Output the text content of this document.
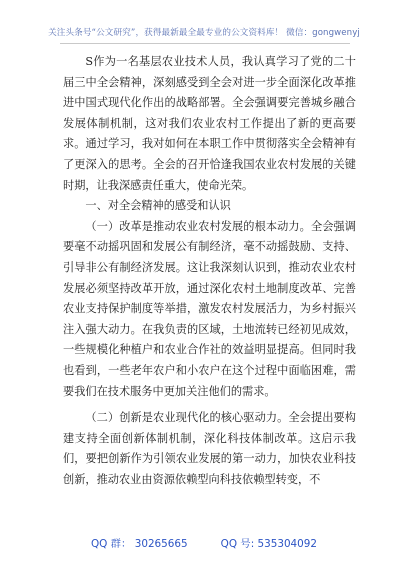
关注头条号“公文研究”，获得最新最全最专业的公文资料库！ 微信：gongwenyj

S作为一名基层农业技术人员，我认真学习了党的二十届三中全会精神，深刻感受到全会对进一步全面深化改革推进中国式现代化作出的战略部署。全会强调要完善城乡融合发展体制机制，这对我们农业农村工作提出了新的更高要求。通过学习，我对如何在本职工作中贯彻落实全会精神有了更深入的思考。全会的召开恰逢我国农业农村发展的关键时期，让我深感责任重大，使命光荣。

一、对全会精神的感受和认识

（一）改革是推动农业农村发展的根本动力。全会强调要毫不动摇巩固和发展公有制经济，毫不动摇鼓励、支持、引导非公有制经济发展。这让我深刻认识到，推动农业农村发展必须坚持改革开放，通过深化农村土地制度改革、完善农业支持保护制度等举措，激发农村发展活力，为乡村振兴注入强大动力。在我负责的区域，土地流转已经初见成效，一些规模化种植户和农业合作社的效益明显提高。但同时我也看到，一些老年农户和小农户在这个过程中面临困难，需要我们在技术服务中更加关注他们的需求。

（二）创新是农业现代化的核心驱动力。全会提出要构建支持全面创新体制机制，深化科技体制改革。这启示我们，要把创新作为引领农业发展的第一动力，加快农业科技创新，推动农业由资源依赖型向科技依赖型转变，不

QQ 群： 30265665          QQ 号: 535304092
